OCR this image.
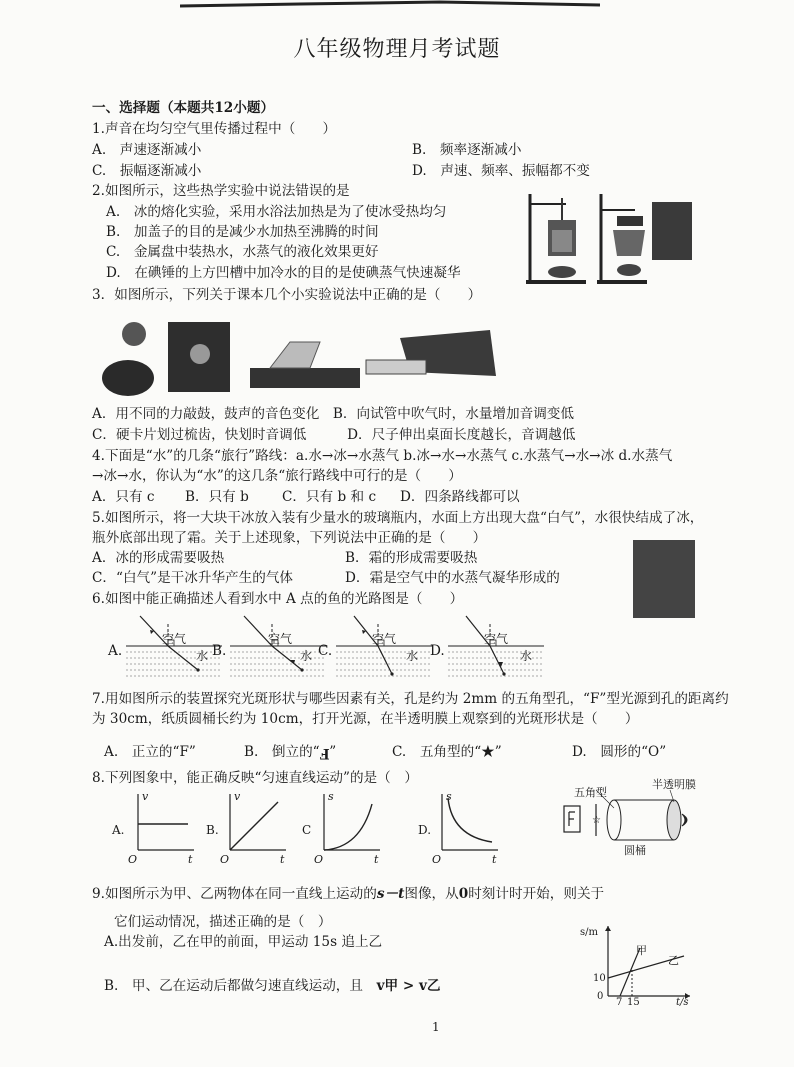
八年级物理月考试题
一、选择题（本题共12小题）
1.声音在均匀空气里传播过程中（　　）
A.　声速逐渐减小	B.　频率逐渐减小
C.　振幅逐渐减小	D.　声速、频率、振幅都不变
2.如图所示，这些热学实验中说法错误的是
A.　冰的熔化实验，采用水浴法加热是为了使冰受热均匀
B.　加盖子的目的是减少水加热至沸腾的时间
C.　金属盘中装热水，水蒸气的液化效果更好
D.　在碘锤的上方凹槽中加冷水的目的是使碘蒸气快速凝华
3．如图所示，下列关于课本几个小实验说法中正确的是（　　）
A．用不同的力敲鼓，鼓声的音色变化　B．向试管中吹气时，水量增加音调变低
C．硬卡片划过梳齿，快划时音调低　　　D．尺子伸出桌面长度越长，音调越低
4.下面是“水”的几条“旅行”路线：a.水→冰→水蒸气 b.冰→水→水蒸气 c.水蒸气→水→冰 d.水蒸气
→冰→水，你认为“水”的这几条“旅行路线中可行的是（　　）
A．只有 c B．只有 b C．只有 b 和 c D．四条路线都可以
5.如图所示，将一大块干冰放入装有少量水的玻璃瓶内，水面上方出现大盘“白气”，水很快结成了冰，
瓶外底部出现了霜。关于上述现象，下列说法中正确的是（　　）
A．冰的形成需要吸热	B．霜的形成需要吸热
C．“白气”是干冰升华产生的气体	D．霜是空气中的水蒸气凝华形成的
6.如图中能正确描述人看到水中 A 点的鱼的光路图是（　　）
A.
空气
水 B.
空气
水 C.
空气
水 D.
空气
水
7.用如图所示的装置探究光斑形状与哪些因素有关，孔是约为 2mm 的五角型孔，“F”型光源到孔的距离约
为 30cm，纸质圆桶长约为 10cm，打开光源，在半透明膜上观察到的光斑形状是（　　）
A.　正立的“F”	B.　倒立的“F”	C.　五角型的“★”	D.　圆形的“O”
8.下列图象中，能正确反映“匀速直线运动”的是（　）
A.
v
O	t
B.
v
O	t
C
s
O	t
D.
s
O	t
☆
五角型
半透明膜
圆桶
9.如图所示为甲、乙两物体在同一直线上运动的s－t图像，从0时刻计时开始，则关于
它们运动情况，描述正确的是（　）
A.出发前，乙在甲的前面，甲运动 15s 追上乙
B.　甲、乙在运动后都做匀速直线运动，且　 v甲 > v乙
s/m
t/s
甲
乙
10
0
7 15
1
